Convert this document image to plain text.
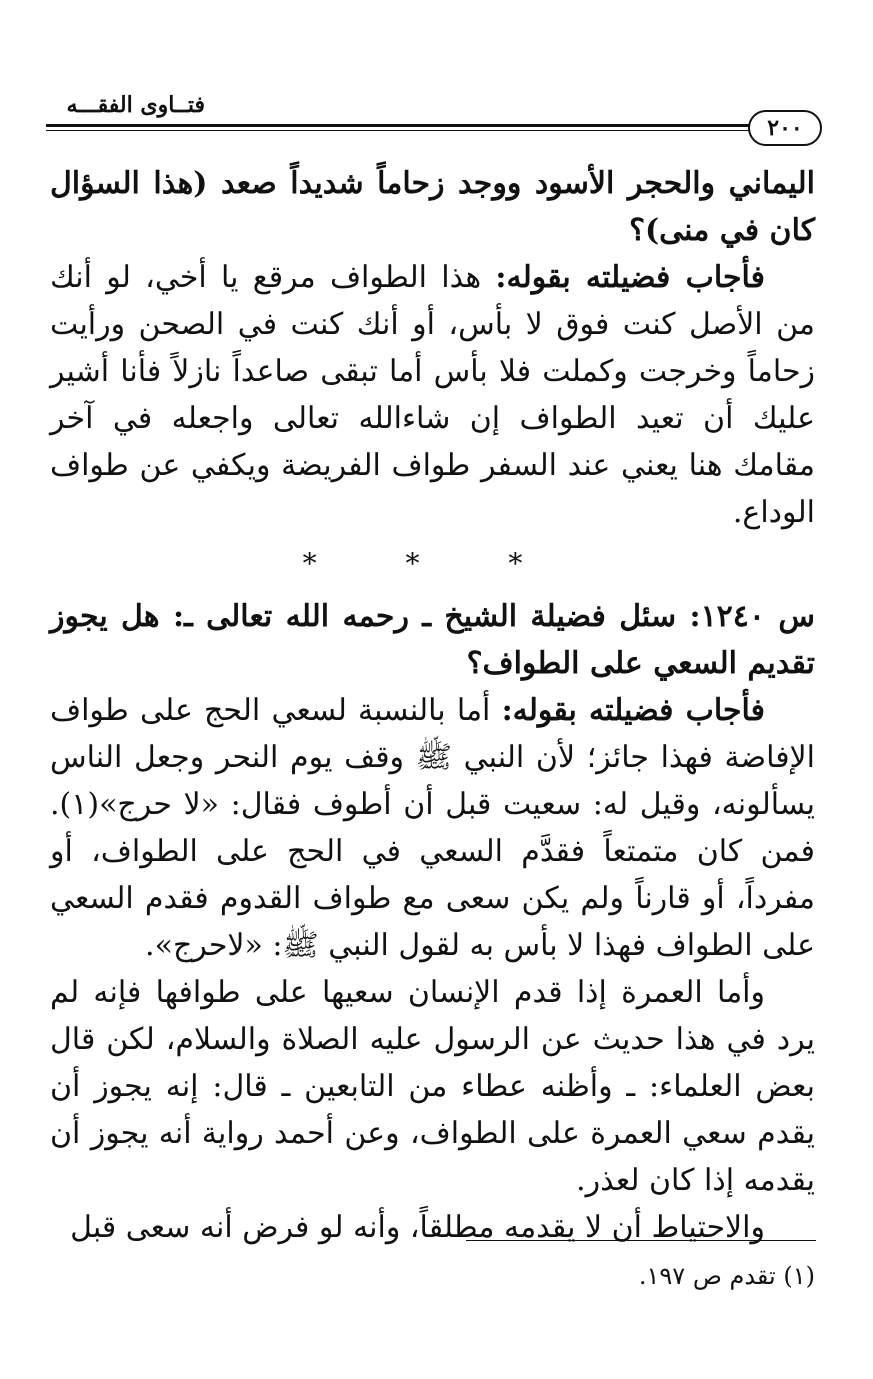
فتــاوى الفقـــه
٢٠٠

اليماني والحجر الأسود ووجد زحاماً شديداً صعد (هذا السؤال كان في منى)؟

فأجاب فضيلته بقوله: هذا الطواف مرقع يا أخي، لو أنك من الأصل كنت فوق لا بأس، أو أنك كنت في الصحن ورأيت زحاماً وخرجت وكملت فلا بأس أما تبقى صاعداً نازلاً فأنا أشير عليك أن تعيد الطواف إن شاءالله تعالى واجعله في آخر مقامك هنا يعني عند السفر طواف الفريضة ويكفي عن طواف الوداع.

* * *

س ١٢٤٠: سئل فضيلة الشيخ ـ رحمه الله تعالى ـ: هل يجوز تقديم السعي على الطواف؟

فأجاب فضيلته بقوله: أما بالنسبة لسعي الحج على طواف الإفاضة فهذا جائز؛ لأن النبي ﷺ وقف يوم النحر وجعل الناس يسألونه، وقيل له: سعيت قبل أن أطوف فقال: «لا حرج»(١). فمن كان متمتعاً فقدَّم السعي في الحج على الطواف، أو مفرداً، أو قارناً ولم يكن سعى مع طواف القدوم فقدم السعي على الطواف فهذا لا بأس به لقول النبي ﷺ: «لاحرج».

وأما العمرة إذا قدم الإنسان سعيها على طوافها فإنه لم يرد في هذا حديث عن الرسول عليه الصلاة والسلام، لكن قال بعض العلماء: ـ وأظنه عطاء من التابعين ـ قال: إنه يجوز أن يقدم سعي العمرة على الطواف، وعن أحمد رواية أنه يجوز أن يقدمه إذا كان لعذر.

والاحتياط أن لا يقدمه مطلقاً، وأنه لو فرض أنه سعى قبل

(١) تقدم ص ١٩٧.
